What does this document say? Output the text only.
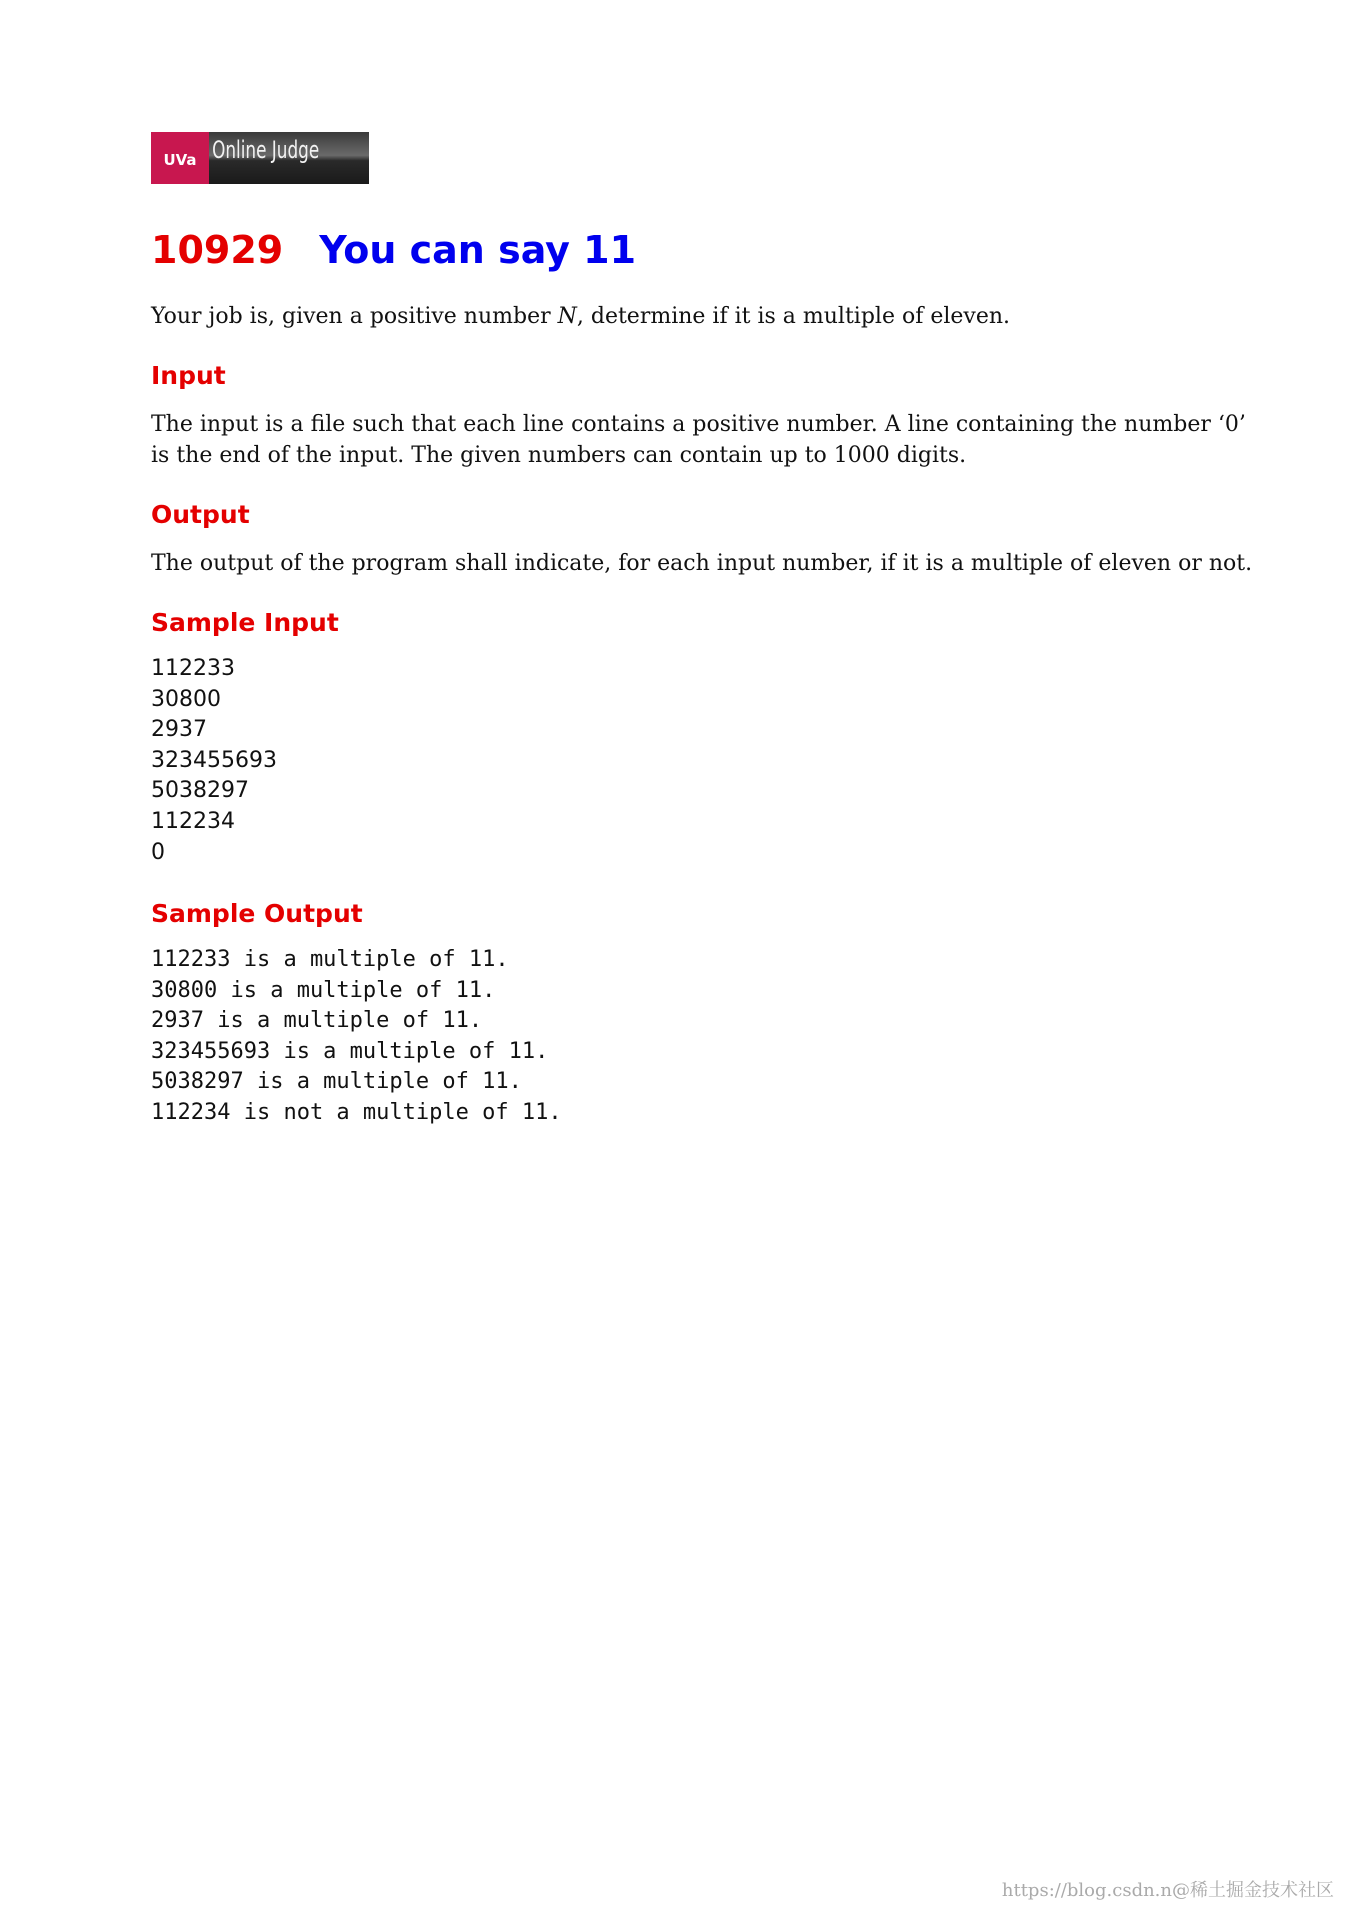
UVa Online Judge
10929 You can say 11

Your job is, given a positive number N, determine if it is a multiple of eleven.

Input

The input is a file such that each line contains a positive number. A line containing the number ‘0’ is the end of the input. The given numbers can contain up to 1000 digits.

Output

The output of the program shall indicate, for each input number, if it is a multiple of eleven or not.

Sample Input
112233
30800
2937
323455693
5038297
112234
0
Sample Output
112233 is a multiple of 11.
30800 is a multiple of 11.
2937 is a multiple of 11.
323455693 is a multiple of 11.
5038297 is a multiple of 11.
112234 is not a multiple of 11.
https://blog.csdn.n@稀土掘金技术社区
